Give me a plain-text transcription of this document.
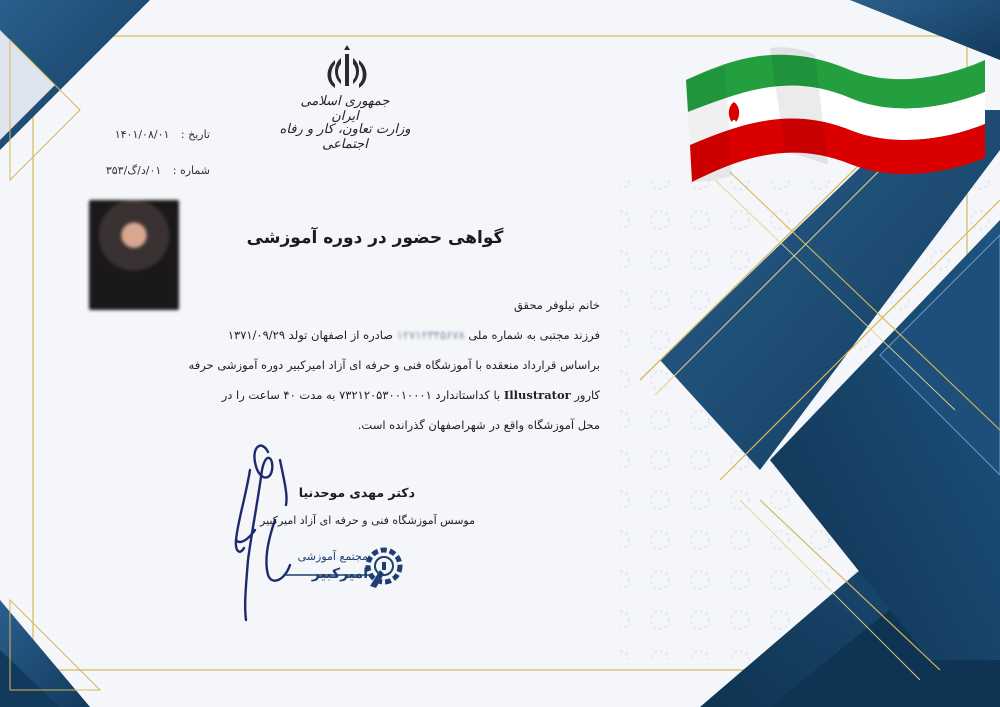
جمهوری اسلامی ایران
وزارت تعاون، کار و رفاه اجتماعی
تاریخ : ۱۴۰۱/۰۸/۰۱
شماره : ۰۱/د/گ/۳۵۳
گواهی حضور در دوره آموزشی
خانم نیلوفر محقق
فرزند مجتبی به شماره ملی ۱۲۷۱۲۳۴۵۶۷۸ صادره از اصفهان تولد ۱۳۷۱/۰۹/۲۹
براساس قرارداد منعقده با آموزشگاه فنی و حرفه ای آزاد امیرکبیر دوره آموزشی حرفه
کارور Illustrator با کداستاندارد ۷۳۲۱۲۰۵۳۰۰۱۰۰۰۱ به مدت ۴۰ ساعت را در
محل آموزشگاه واقع در شهراصفهان گذرانده است.
دکتر مهدی موحدنیا
موسس آموزشگاه فنی و حرفه ای آزاد امیرکبیر
مجتمع آموزشی
امیرکبیر
